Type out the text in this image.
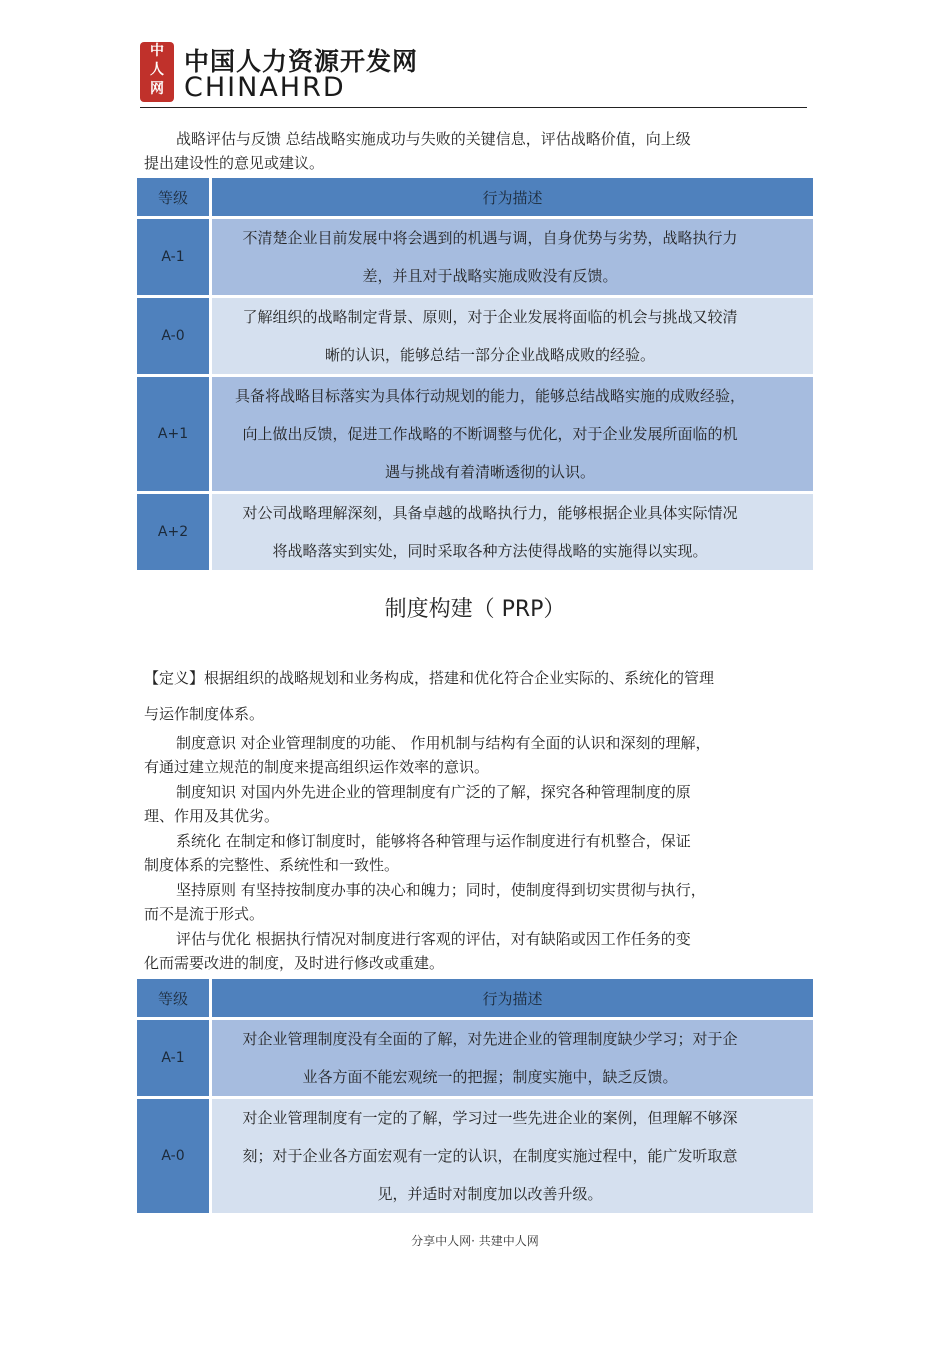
中
人
网
中国人力资源开发网
CHINAHRD
战略评估与反馈 总结战略实施成功与失败的关键信息，评估战略价值，向上级
提出建设性的意见或建议。
等级	行为描述
A-1
不清楚企业目前发展中将会遇到的机遇与调，自身优势与劣势，战略执行力
差，并且对于战略实施成败没有反馈。
A-0
了解组织的战略制定背景、原则，对于企业发展将面临的机会与挑战又较清
晰的认识，能够总结一部分企业战略成败的经验。
A+1
具备将战略目标落实为具体行动规划的能力，能够总结战略实施的成败经验，
向上做出反馈，促进工作战略的不断调整与优化，对于企业发展所面临的机
遇与挑战有着清晰透彻的认识。
A+2
对公司战略理解深刻，具备卓越的战略执行力，能够根据企业具体实际情况
将战略落实到实处，同时采取各种方法使得战略的实施得以实现。
制度构建（ PRP）
【定义】根据组织的战略规划和业务构成，搭建和优化符合企业实际的、系统化的管理
与运作制度体系。
制度意识 对企业管理制度的功能、 作用机制与结构有全面的认识和深刻的理解，
有通过建立规范的制度来提高组织运作效率的意识。
制度知识 对国内外先进企业的管理制度有广泛的了解，探究各种管理制度的原
理、作用及其优劣。
系统化 在制定和修订制度时，能够将各种管理与运作制度进行有机整合，保证
制度体系的完整性、系统性和一致性。
坚持原则 有坚持按制度办事的决心和魄力；同时，使制度得到切实贯彻与执行，
而不是流于形式。
评估与优化 根据执行情况对制度进行客观的评估，对有缺陷或因工作任务的变
化而需要改进的制度，及时进行修改或重建。
等级	行为描述
A-1
对企业管理制度没有全面的了解，对先进企业的管理制度缺少学习；对于企
业各方面不能宏观统一的把握；制度实施中，缺乏反馈。
A-0
对企业管理制度有一定的了解，学习过一些先进企业的案例，但理解不够深
刻；对于企业各方面宏观有一定的认识，在制度实施过程中，能广发听取意
见，并适时对制度加以改善升级。
分享中人网· 共建中人网
